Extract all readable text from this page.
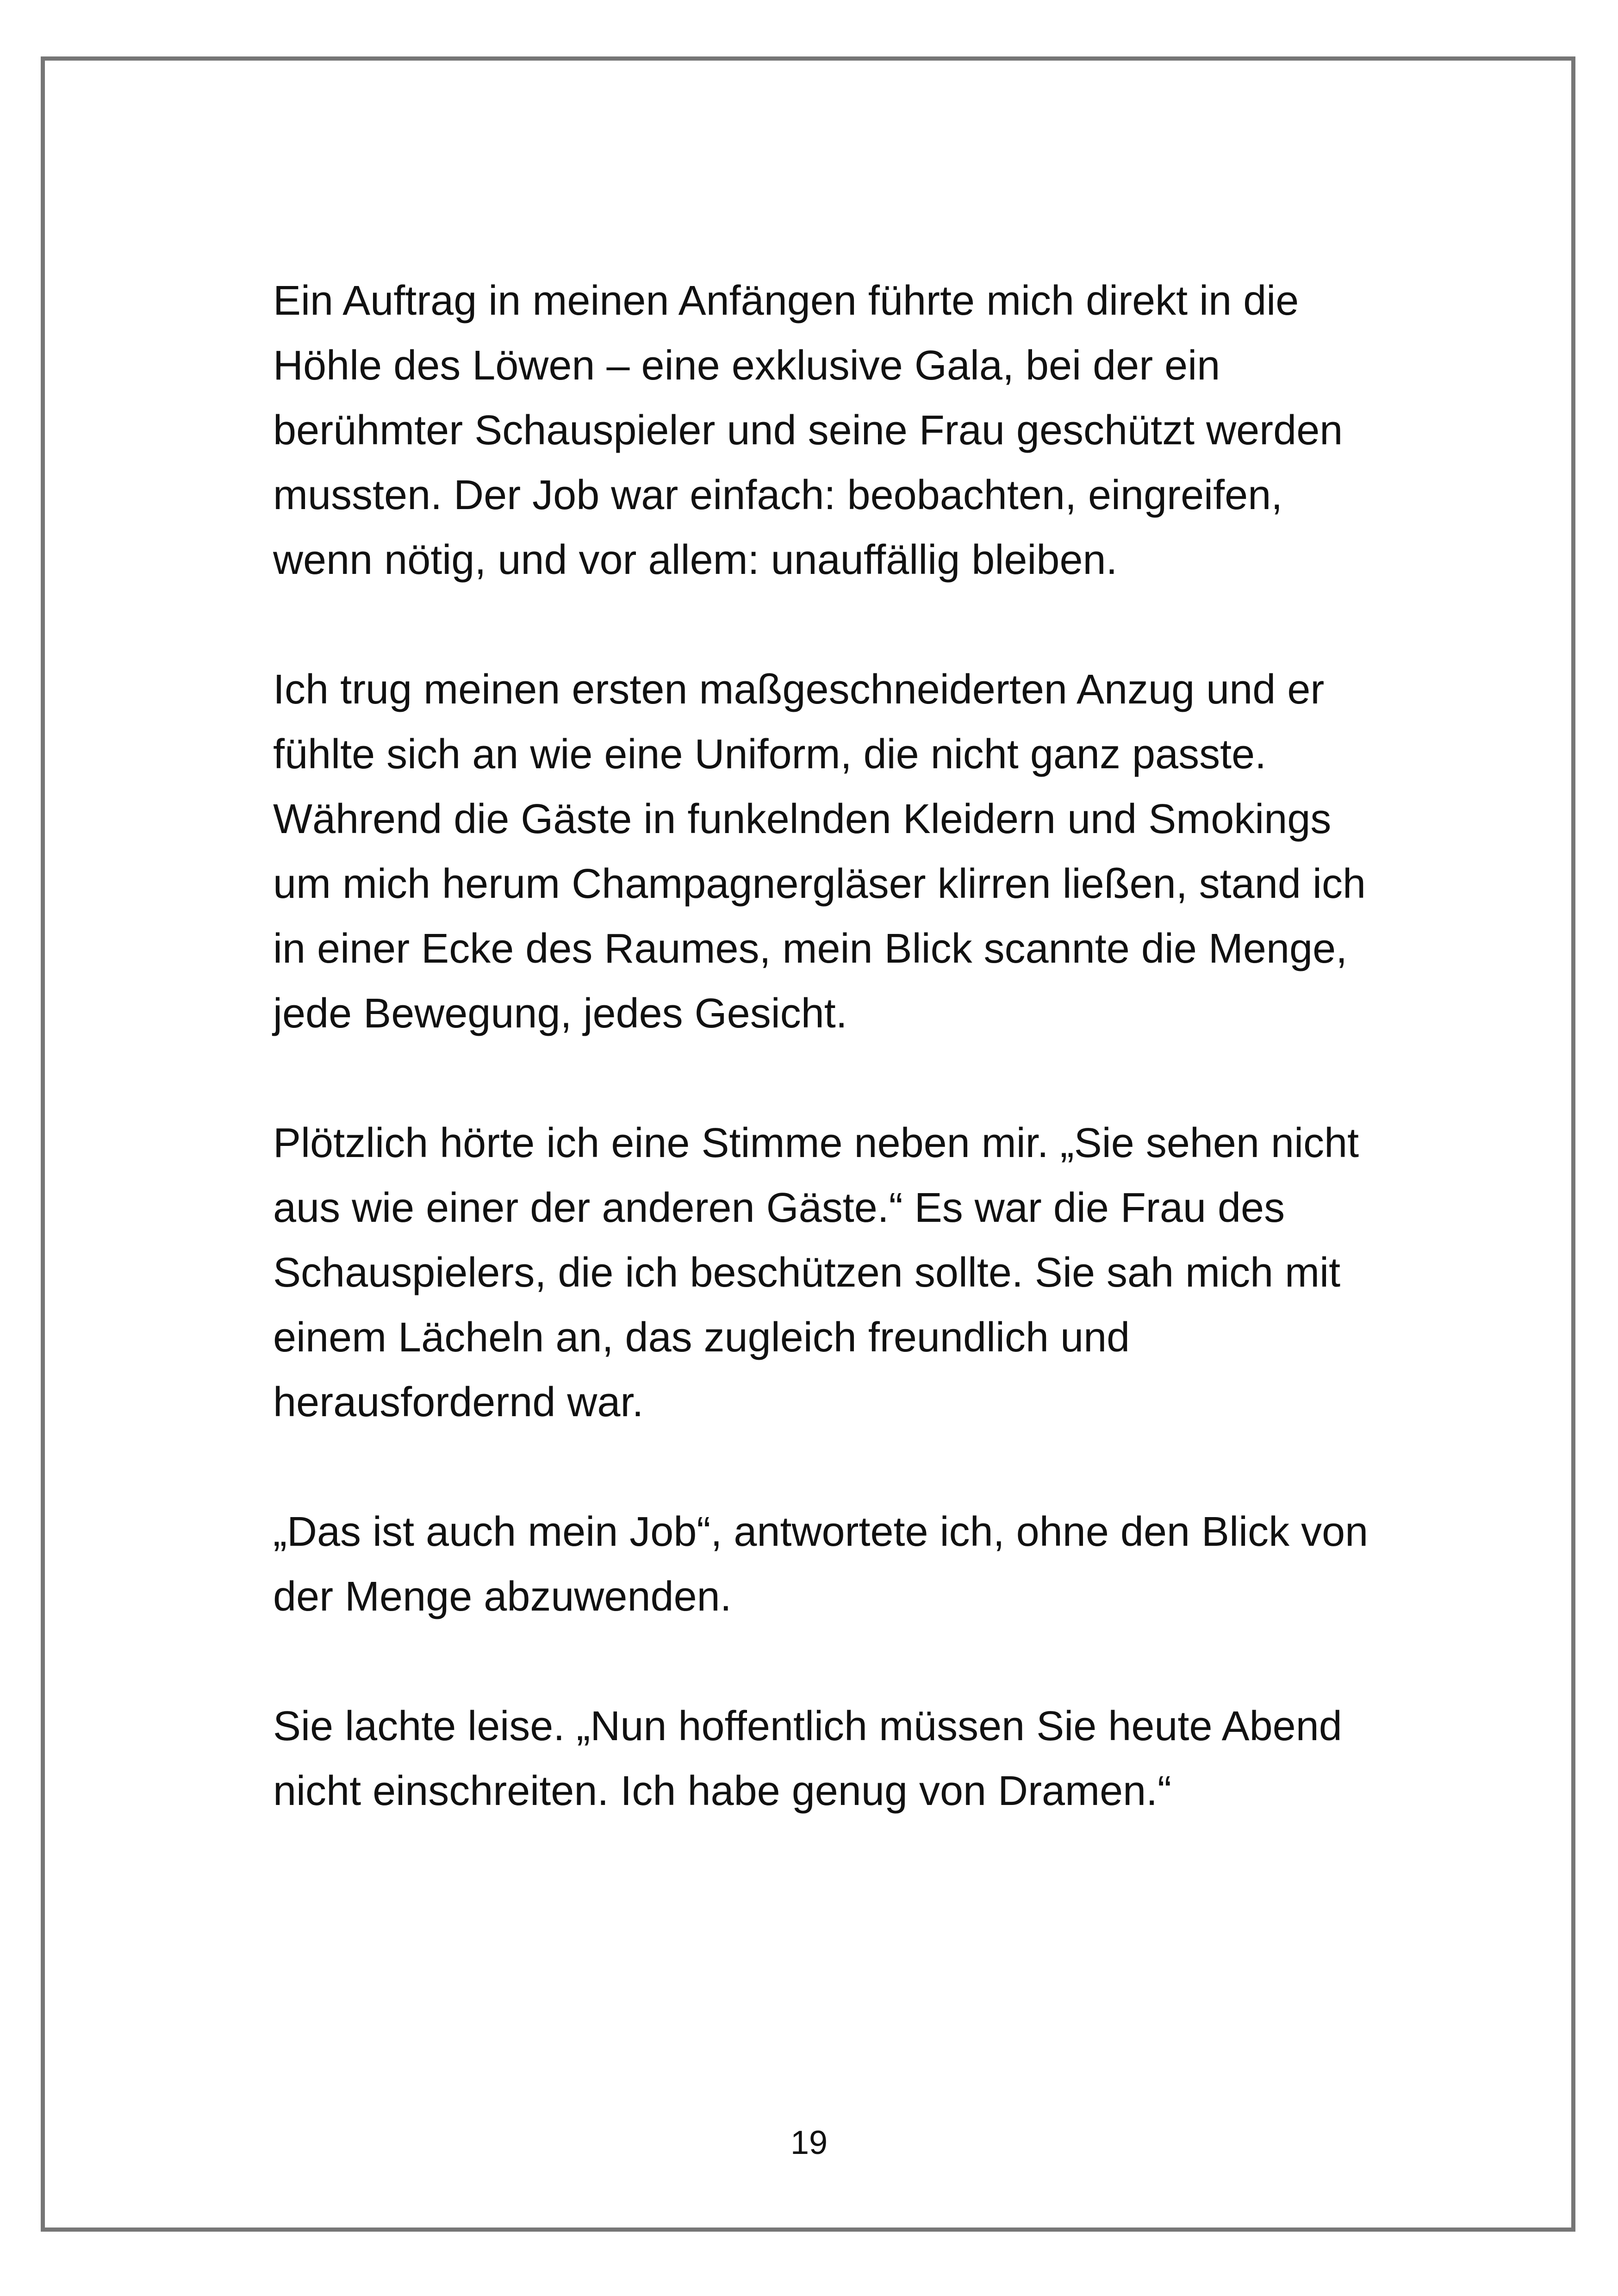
Ein Auftrag in meinen Anfängen führte mich direkt in die Höhle des Löwen – eine exklusive Gala, bei der ein berühmter Schauspieler und seine Frau geschützt werden mussten. Der Job war einfach: beobachten, eingreifen, wenn nötig, und vor allem: unauffällig bleiben.

Ich trug meinen ersten maßgeschneiderten Anzug und er fühlte sich an wie eine Uniform, die nicht ganz passte. Während die Gäste in funkelnden Kleidern und Smokings um mich herum Champagnergläser klirren ließen, stand ich in einer Ecke des Raumes, mein Blick scannte die Menge, jede Bewegung, jedes Gesicht.

Plötzlich hörte ich eine Stimme neben mir. „Sie sehen nicht aus wie einer der anderen Gäste.“ Es war die Frau des Schauspielers, die ich beschützen sollte. Sie sah mich mit einem Lächeln an, das zugleich freundlich und herausfordernd war.

„Das ist auch mein Job“, antwortete ich, ohne den Blick von der Menge abzuwenden.

Sie lachte leise. „Nun hoffentlich müssen Sie heute Abend nicht einschreiten. Ich habe genug von Dramen.“

19
